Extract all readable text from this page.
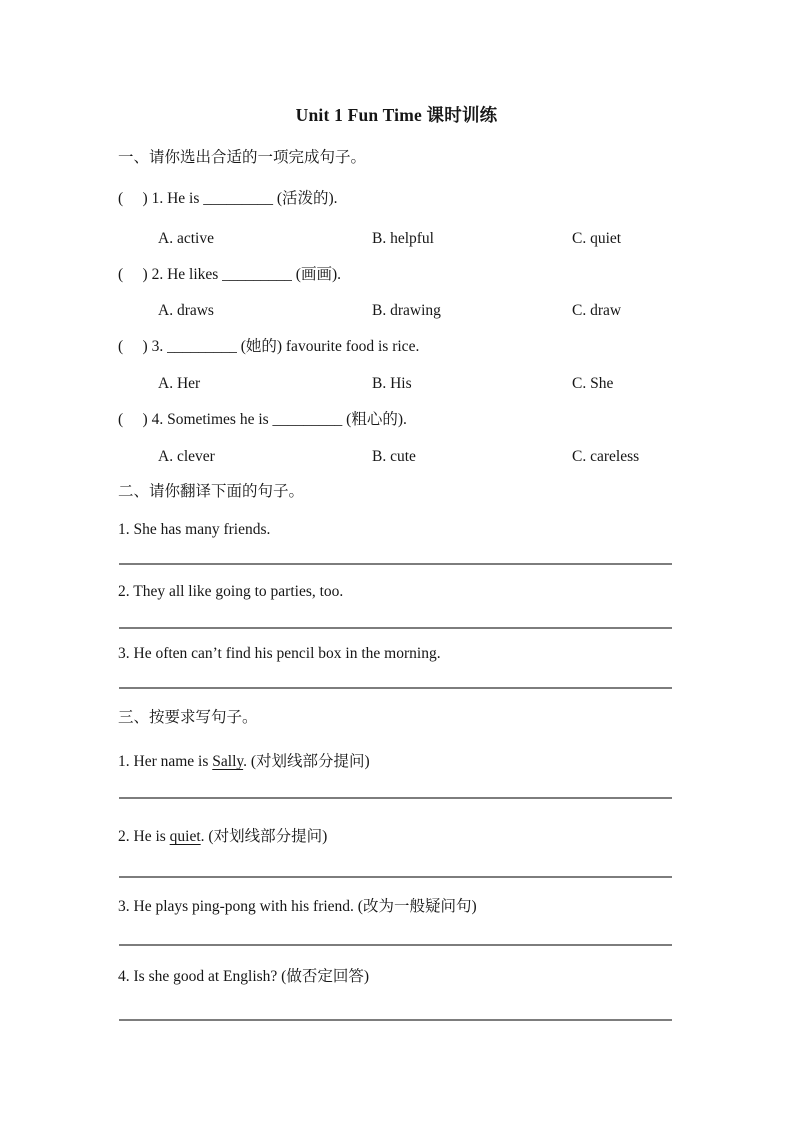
Unit 1 Fun Time 课时训练
一、请你选出合适的一项完成句子。
(     ) 1. He is _________ (活泼的).
A. active	B. helpful	C. quiet
(     ) 2. He likes _________ (画画).
A. draws	B. drawing	C. draw
(     ) 3. _________ (她的) favourite food is rice.
A. Her	B. His	C. She
(     ) 4. Sometimes he is _________ (粗心的).
A. clever	B. cute	C. careless
二、请你翻译下面的句子。
1. She has many friends.
2. They all like going to parties, too.
3. He often can’t find his pencil box in the morning.
三、按要求写句子。
1. Her name is Sally. (对划线部分提问)
2. He is quiet. (对划线部分提问)
3. He plays ping-pong with his friend. (改为一般疑问句)
4. Is she good at English? (做否定回答)
